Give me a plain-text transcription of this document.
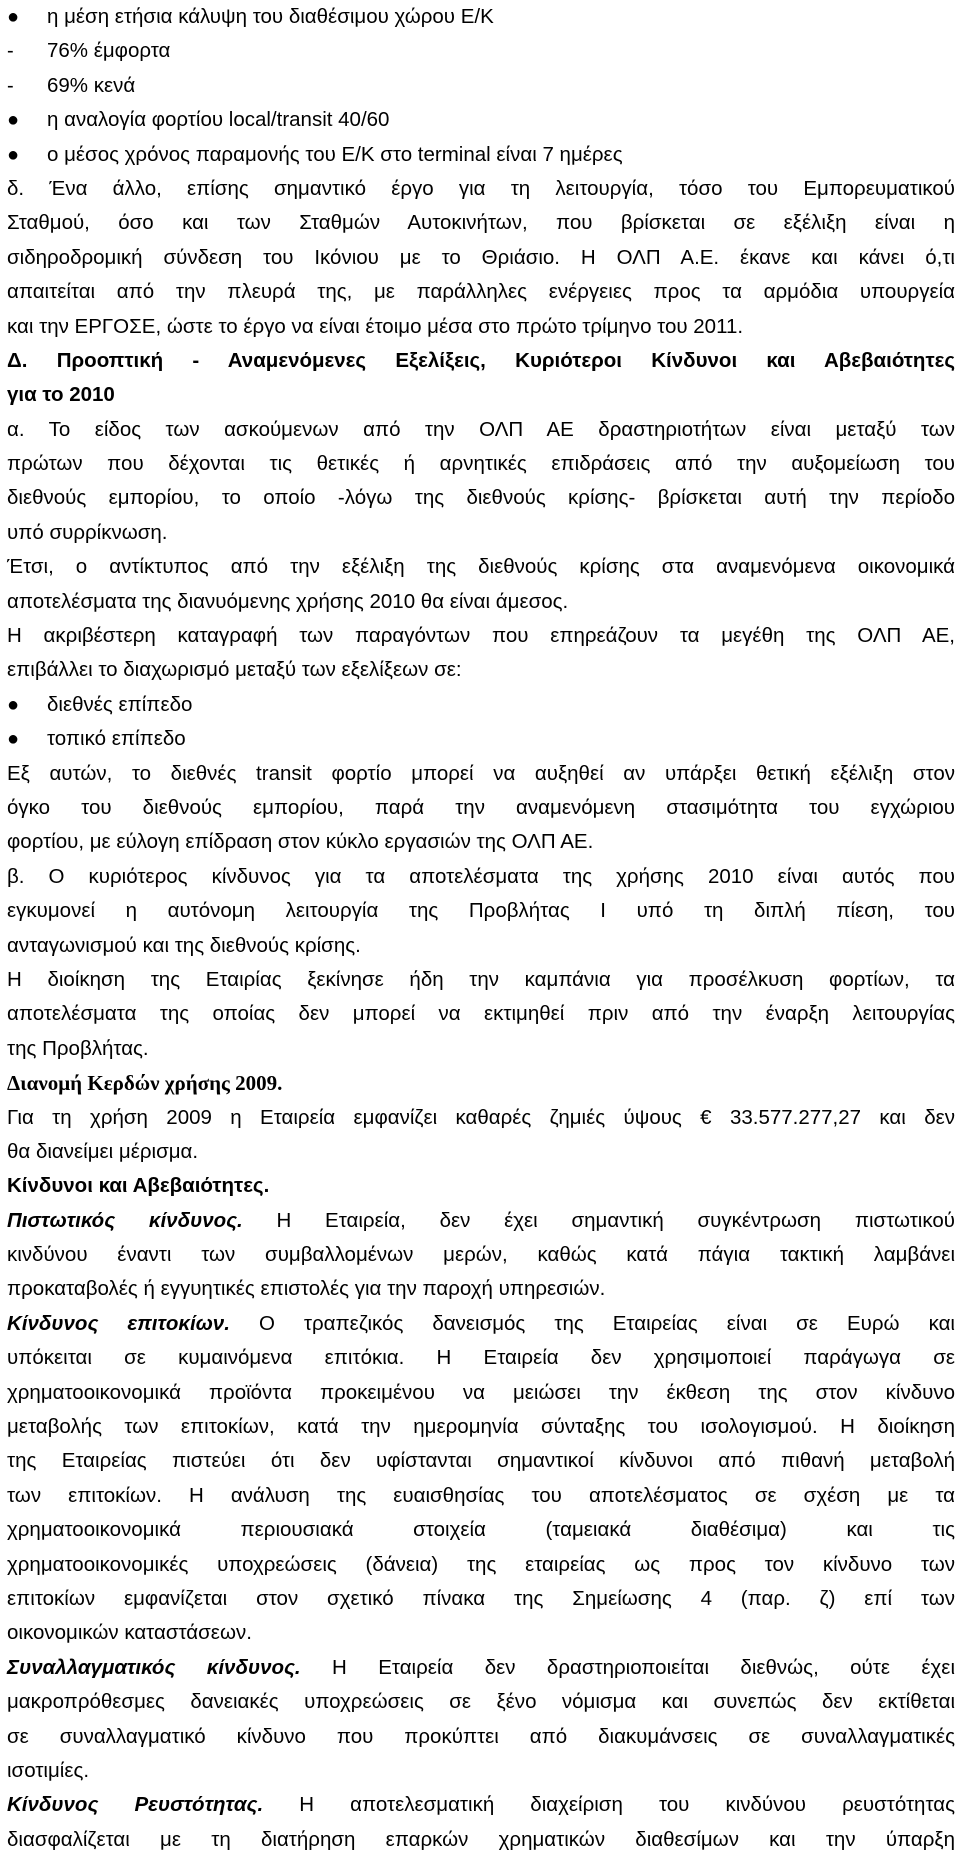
● η μέση ετήσια κάλυψη του διαθέσιμου χώρου Ε/Κ
- 76% έμφορτα
- 69% κενά
● η αναλογία φορτίου local/transit 40/60
● ο μέσος χρόνος παραμονής του Ε/Κ στο terminal είναι 7 ημέρες
δ. Ένα άλλο, επίσης σημαντικό έργο για τη λειτουργία, τόσο του Εμπορευματικού
Σταθμού, όσο και των Σταθμών Αυτοκινήτων, που βρίσκεται σε εξέλιξη είναι η
σιδηροδρομική σύνδεση του Ικόνιου με το Θριάσιο. Η ΟΛΠ Α.Ε. έκανε και κάνει ό,τι
απαιτείται από την πλευρά της, με παράλληλες ενέργειες προς τα αρμόδια υπουργεία
και την ΕΡΓΟΣΕ, ώστε το έργο να είναι έτοιμο μέσα στο πρώτο τρίμηνο του 2011.
Δ. Προοπτική - Αναμενόμενες Εξελίξεις, Κυριότεροι Κίνδυνοι και Αβεβαιότητες
για το 2010
α. Το είδος των ασκούμενων από την ΟΛΠ ΑΕ δραστηριοτήτων είναι μεταξύ των
πρώτων που δέχονται τις θετικές ή αρνητικές επιδράσεις από την αυξομείωση του
διεθνούς εμπορίου, το οποίο -λόγω της διεθνούς κρίσης- βρίσκεται αυτή την περίοδο
υπό συρρίκνωση.
Έτσι, ο αντίκτυπος από την εξέλιξη της διεθνούς κρίσης στα αναμενόμενα οικονομικά
αποτελέσματα της διανυόμενης χρήσης 2010 θα είναι άμεσος.
Η ακριβέστερη καταγραφή των παραγόντων που επηρεάζουν τα μεγέθη της ΟΛΠ ΑΕ,
επιβάλλει το διαχωρισμό μεταξύ των εξελίξεων σε:
● διεθνές επίπεδο
● τοπικό επίπεδο
Εξ αυτών, το διεθνές transit φορτίο μπορεί να αυξηθεί αν υπάρξει θετική εξέλιξη στον
όγκο του διεθνούς εμπορίου, παρά την αναμενόμενη στασιμότητα του εγχώριου
φορτίου, με εύλογη επίδραση στον κύκλο εργασιών της ΟΛΠ ΑΕ.
β. Ο κυριότερος κίνδυνος για τα αποτελέσματα της χρήσης 2010 είναι αυτός που
εγκυμονεί η αυτόνομη λειτουργία της Προβλήτας Ι υπό τη διπλή πίεση, του
ανταγωνισμού και της διεθνούς κρίσης.
Η διοίκηση της Εταιρίας ξεκίνησε ήδη την καμπάνια για προσέλκυση φορτίων, τα
αποτελέσματα της οποίας δεν μπορεί να εκτιμηθεί πριν από την έναρξη λειτουργίας
της Προβλήτας.
Διανομή Κερδών χρήσης 2009.
Για τη χρήση 2009 η Εταιρεία εμφανίζει καθαρές ζημιές ύψους € 33.577.277,27 και δεν
θα διανείμει μέρισμα.
Κίνδυνοι και Αβεβαιότητες.
Πιστωτικός κίνδυνος. Η Εταιρεία, δεν έχει σημαντική συγκέντρωση πιστωτικού
κινδύνου έναντι των συμβαλλομένων μερών, καθώς κατά πάγια τακτική λαμβάνει
προκαταβολές ή εγγυητικές επιστολές για την παροχή υπηρεσιών.
Κίνδυνος επιτοκίων. Ο τραπεζικός δανεισμός της Εταιρείας είναι σε Ευρώ και
υπόκειται σε κυμαινόμενα επιτόκια. Η Εταιρεία δεν χρησιμοποιεί παράγωγα σε
χρηματοοικονομικά προϊόντα προκειμένου να μειώσει την έκθεση της στον κίνδυνο
μεταβολής των επιτοκίων, κατά την ημερομηνία σύνταξης του ισολογισμού. Η διοίκηση
της Εταιρείας πιστεύει ότι δεν υφίστανται σημαντικοί κίνδυνοι από πιθανή μεταβολή
των επιτοκίων. Η ανάλυση της ευαισθησίας του αποτελέσματος σε σχέση με τα
χρηματοοικονομικά περιουσιακά στοιχεία (ταμειακά διαθέσιμα) και τις
χρηματοοικονομικές υποχρεώσεις (δάνεια) της εταιρείας ως προς τον κίνδυνο των
επιτοκίων εμφανίζεται στον σχετικό πίνακα της Σημείωσης 4 (παρ. ζ) επί των
οικονομικών καταστάσεων.
Συναλλαγματικός κίνδυνος. Η Εταιρεία δεν δραστηριοποιείται διεθνώς, ούτε έχει
μακροπρόθεσμες δανειακές υποχρεώσεις σε ξένο νόμισμα και συνεπώς δεν εκτίθεται
σε συναλλαγματικό κίνδυνο που προκύπτει από διακυμάνσεις σε συναλλαγματικές
ισοτιμίες.
Κίνδυνος Ρευστότητας. Η αποτελεσματική διαχείριση του κινδύνου ρευστότητας
διασφαλίζεται με τη διατήρηση επαρκών χρηματικών διαθεσίμων και την ύπαρξη
